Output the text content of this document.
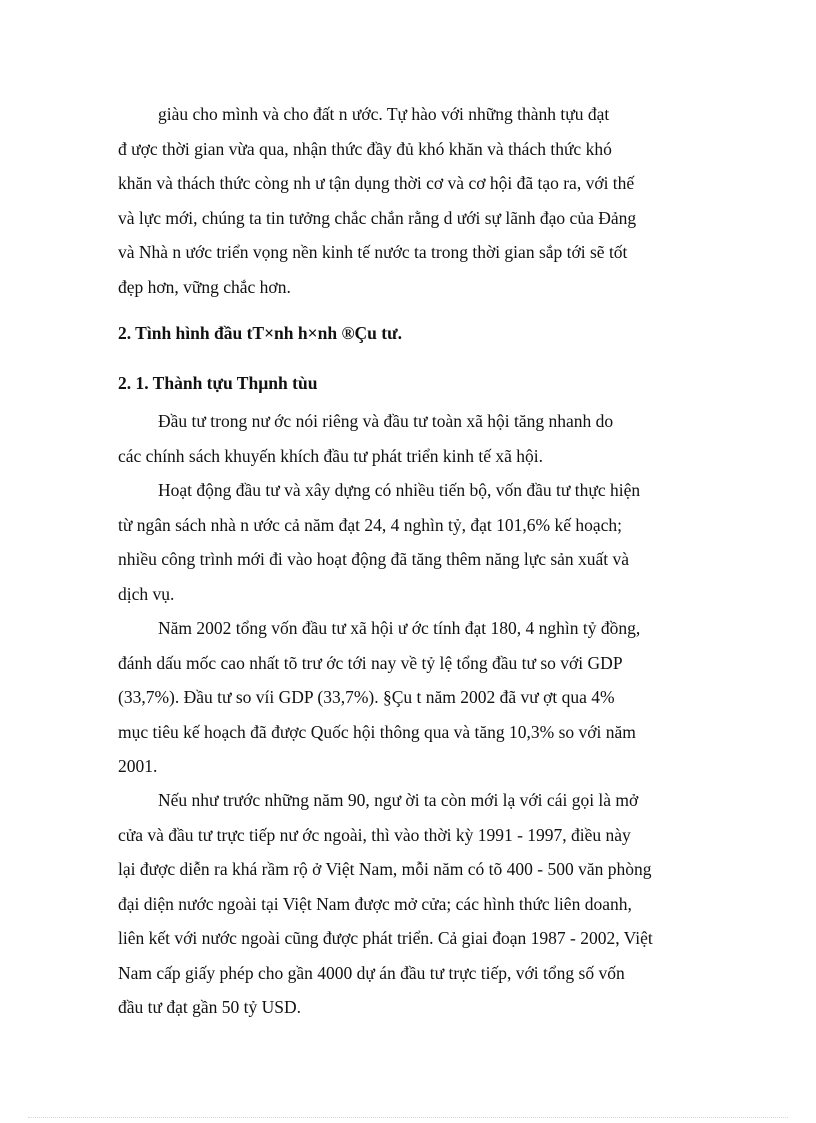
giàu cho mình và cho đất n ước. Tự hào với những thành tựu đạt
đ ược thời gian vừa qua, nhận thức đầy đủ khó khăn và thách thức khó
khăn và thách thức còng nh ư tận dụng thời cơ và cơ hội đã tạo ra, với thế
và lực mới, chúng ta tin tưởng chắc chắn rằng d ưới sự lãnh đạo của Đảng
và Nhà n ước triển vọng nền kinh tế nước ta trong thời gian sắp tới sẽ tốt
đẹp hơn, vững chắc hơn.
2. Tình hình đầu tT×nh h×nh ®Çu tư.
2. 1. Thành tựu Thµnh tùu
Đầu tư trong nư ớc nói riêng và đầu tư toàn xã hội tăng nhanh do
các chính sách khuyến khích đầu tư phát triển kinh tế xã hội.
Hoạt động đầu tư và xây dựng có nhiều tiến bộ, vốn đầu tư thực hiện
từ ngân sách nhà n ước cả năm đạt 24, 4 nghìn tỷ, đạt 101,6% kế hoạch;
nhiều công trình mới đi vào hoạt động đã tăng thêm năng lực sản xuất và
dịch vụ.
Năm 2002 tổng vốn đầu tư xã hội ư ớc tính đạt 180, 4 nghìn tỷ đồng,
đánh dấu mốc cao nhất tõ trư ớc tới nay về tỷ lệ tổng đầu tư so với GDP
(33,7%). Đầu tư so víi GDP (33,7%). §Çu t năm 2002 đã vư ợt qua 4%
mục tiêu kế hoạch đã được Quốc hội thông qua và tăng 10,3% so với năm
2001.
Nếu như trước những năm 90, ngư ời ta còn mới lạ với cái gọi là mở
cửa và đầu tư trực tiếp nư ớc ngoài, thì vào thời kỳ 1991 - 1997, điều này
lại được diễn ra khá rầm rộ ở Việt Nam, mỗi năm có tõ 400 - 500 văn phòng
đại diện nước ngoài tại Việt Nam được mở cửa; các hình thức liên doanh,
liên kết với nước ngoài cũng được phát triển. Cả giai đoạn 1987 - 2002, Việt
Nam cấp giấy phép cho gần 4000 dự án đầu tư trực tiếp, với tổng số vốn
đầu tư đạt gần 50 tỷ USD.
